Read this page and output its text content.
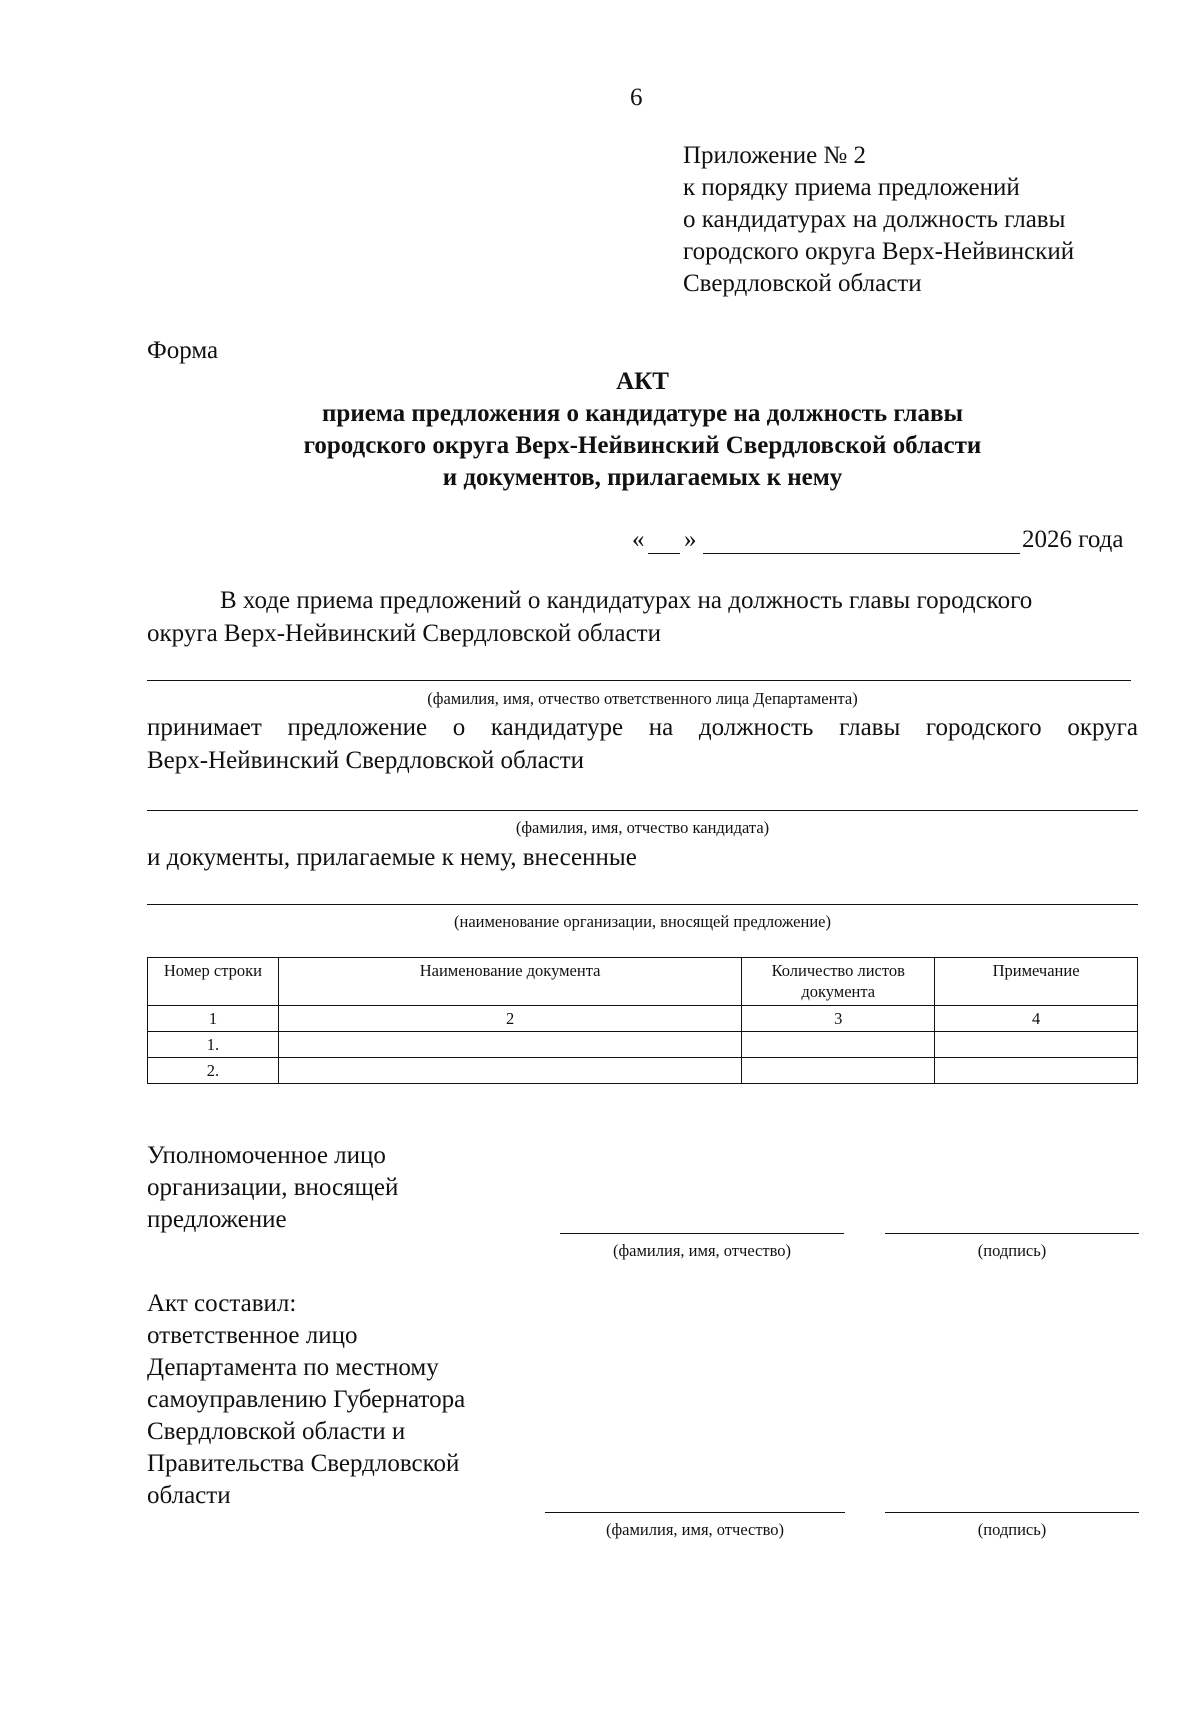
6
Приложение № 2
к порядку приема предложений
о кандидатурах на должность главы
городского округа Верх-Нейвинский
Свердловской области
Форма
АКТ
приема предложения о кандидатуре на должность главы
городского округа Верх-Нейвинский Свердловской области
и документов, прилагаемых к нему
« »	2026 года
В ходе приема предложений о кандидатурах на должность главы городского
округа Верх-Нейвинский Свердловской области
(фамилия, имя, отчество ответственного лица Департамента)
принимает предложение о кандидатуре на должность главы городского округа
Верх-Нейвинский Свердловской области
(фамилия, имя, отчество кандидата)
и документы, прилагаемые к нему, внесенные
(наименование организации, вносящей предложение)
Номер строки	Наименование документа	Количество листов документа	Примечание
1	2	3	4
1.			
2.			
Уполномоченное лицо
организации, вносящей
предложение
(фамилия, имя, отчество)	(подпись)
Акт составил:
ответственное лицо
Департамента по местному
самоуправлению Губернатора
Свердловской области и
Правительства Свердловской
области
(фамилия, имя, отчество)	(подпись)
